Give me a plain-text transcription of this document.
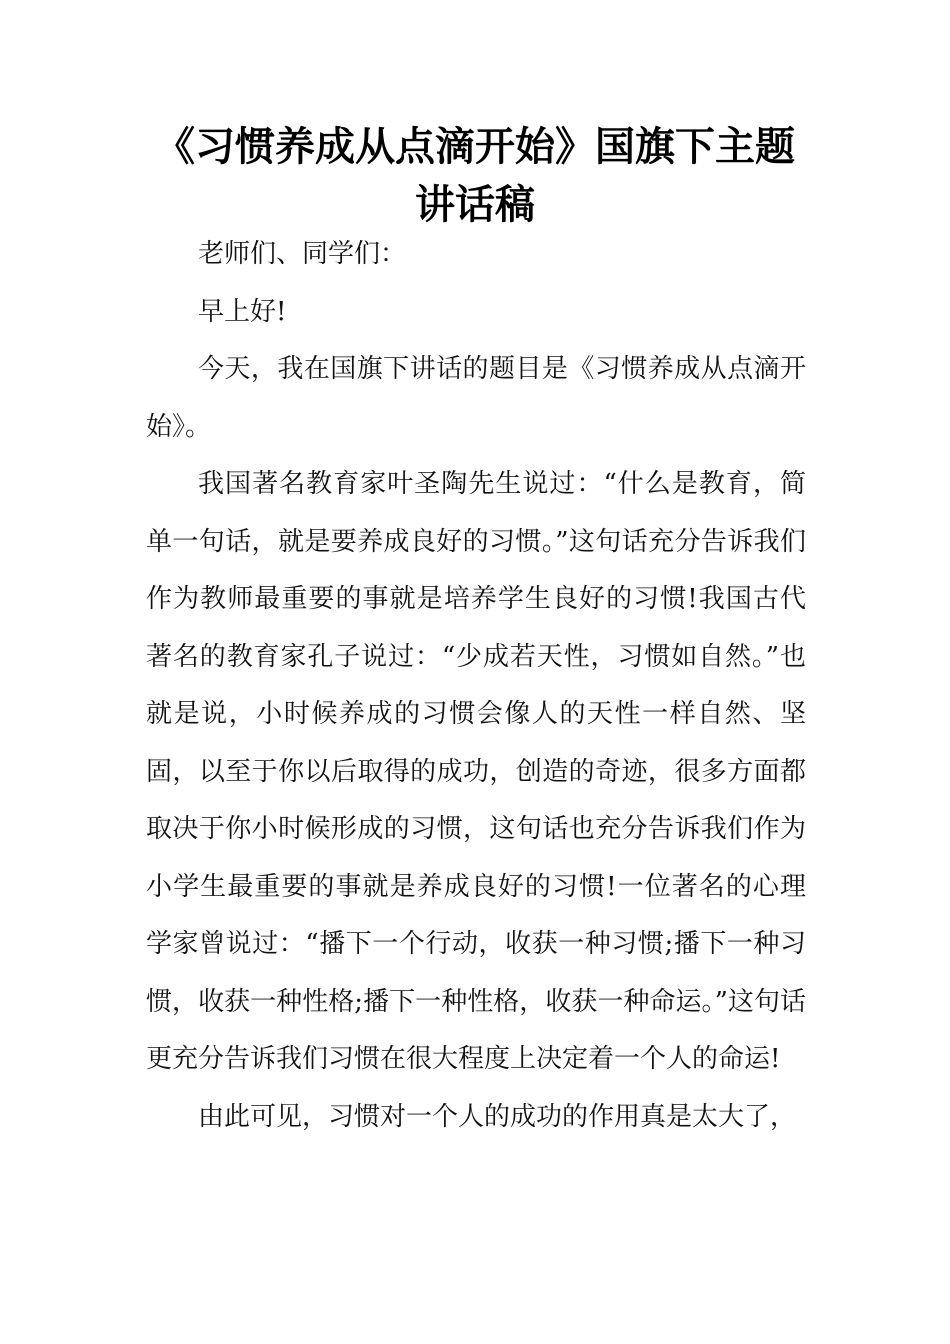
《习惯养成从点滴开始》国旗下主题讲话稿

老师们、同学们：

早上好!

今天，我在国旗下讲话的题目是《习惯养成从点滴开始》。

我国著名教育家叶圣陶先生说过：“什么是教育，简单一句话，就是要养成良好的习惯。”这句话充分告诉我们作为教师最重要的事就是培养学生良好的习惯!我国古代著名的教育家孔子说过：“少成若天性，习惯如自然。”也就是说，小时候养成的习惯会像人的天性一样自然、坚固，以至于你以后取得的成功，创造的奇迹，很多方面都取决于你小时候形成的习惯，这句话也充分告诉我们作为小学生最重要的事就是养成良好的习惯!一位著名的心理学家曾说过：“播下一个行动，收获一种习惯;播下一种习惯，收获一种性格;播下一种性格，收获一种命运。”这句话更充分告诉我们习惯在很大程度上决定着一个人的命运!

由此可见，习惯对一个人的成功的作用真是太大了，
